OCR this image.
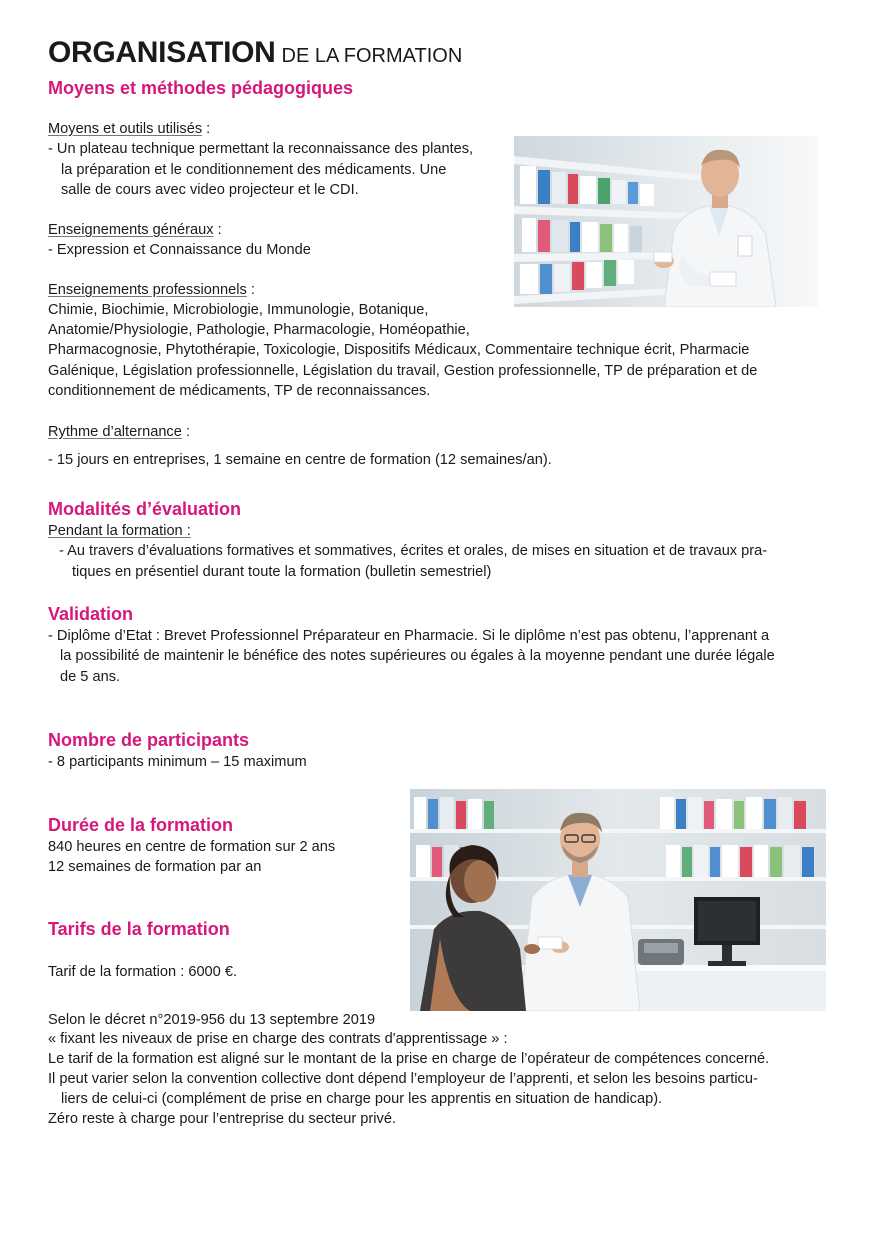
ORGANISATION DE LA FORMATION
Moyens et méthodes pédagogiques
Moyens et outils utilisés :
- Un plateau technique permettant la reconnaissance des plantes,
la préparation et le conditionnement des médicaments. Une
salle de cours avec video projecteur et le CDI.
Enseignements généraux :
- Expression et Connaissance du Monde
Enseignements professionnels :
Chimie, Biochimie, Microbiologie, Immunologie, Botanique,
Anatomie/Physiologie, Pathologie, Pharmacologie, Homéopathie,
Pharmacognosie, Phytothérapie, Toxicologie, Dispositifs Médicaux, Commentaire technique écrit, Pharmacie
Galénique, Législation professionnelle, Législation du travail, Gestion professionnelle, TP de préparation et de
conditionnement de médicaments, TP de reconnaissances.
Rythme d’alternance :
- 15 jours en entreprises, 1 semaine en centre de formation (12 semaines/an).
Modalités d’évaluation
Pendant la formation :
- Au travers d’évaluations formatives et sommatives, écrites et orales, de mises en situation et de travaux pra-
tiques en présentiel durant toute la formation (bulletin semestriel)
Validation
- Diplôme d’Etat : Brevet Professionnel Préparateur en Pharmacie. Si le diplôme n’est pas obtenu, l’apprenant a
la possibilité de maintenir le bénéfice des notes supérieures ou égales à la moyenne pendant une durée légale
de 5 ans.
Nombre de participants
- 8 participants minimum – 15 maximum
Durée de la formation
840 heures en centre de formation sur 2 ans
12 semaines de formation par an
Tarifs de la formation
Tarif de la formation : 6000 €.
Selon le décret n°2019-956 du 13 septembre 2019
« fixant les niveaux de prise en charge des contrats d'apprentissage » :
Le tarif de la formation est aligné sur le montant de la prise en charge de l’opérateur de compétences concerné.
Il peut varier selon la convention collective dont dépend l’employeur de l’apprenti, et selon les besoins particu-
liers de celui-ci (complément de prise en charge pour les apprentis en situation de handicap).
Zéro reste à charge pour l’entreprise du secteur privé.
